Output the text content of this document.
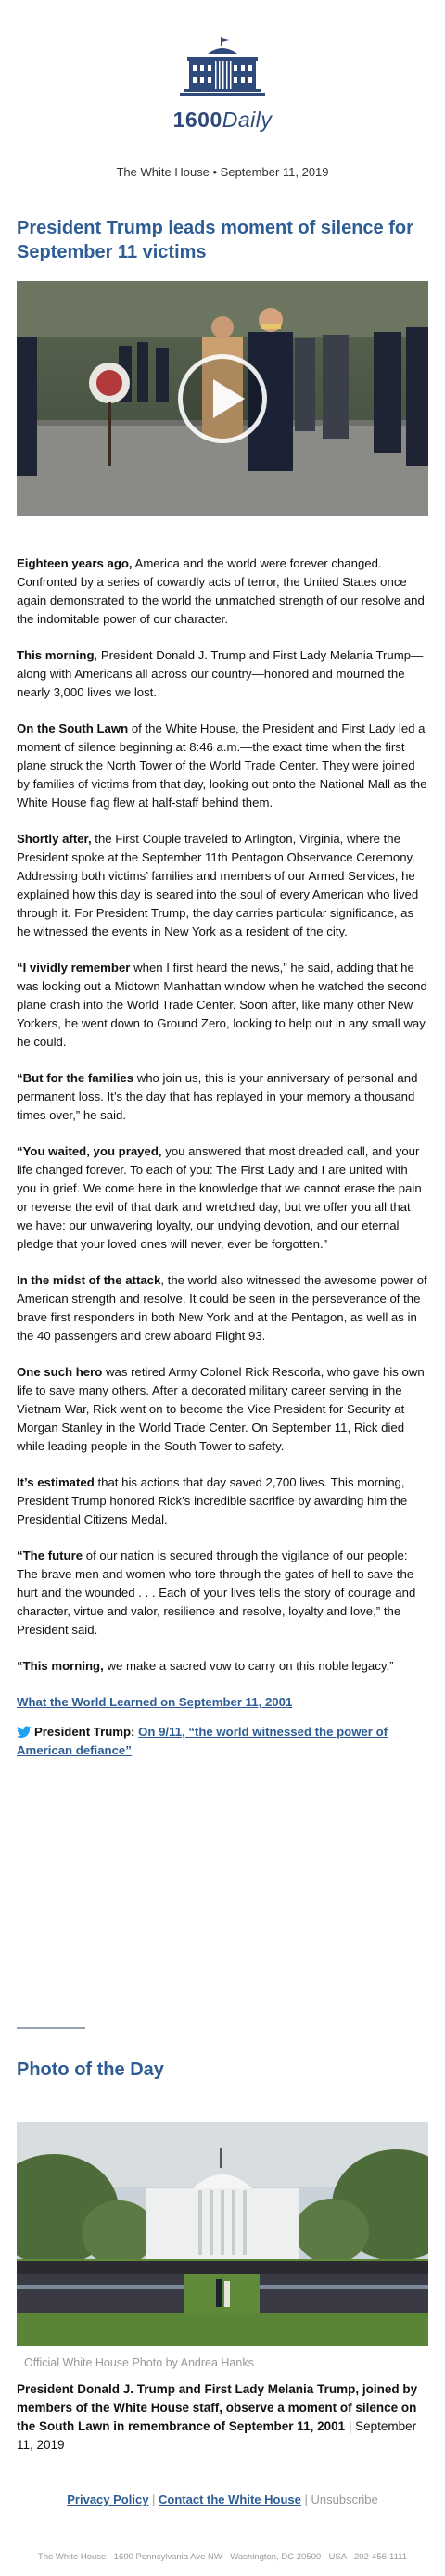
1600Daily
The White House • September 11, 2019
President Trump leads moment of silence for September 11 victims

Eighteen years ago, America and the world were forever changed. Confronted by a series of cowardly acts of terror, the United States once again demonstrated to the world the unmatched strength of our resolve and the indomitable power of our character.

This morning, President Donald J. Trump and First Lady Melania Trump—along with Americans all across our country—honored and mourned the nearly 3,000 lives we lost.

On the South Lawn of the White House, the President and First Lady led a moment of silence beginning at 8:46 a.m.—the exact time when the first plane struck the North Tower of the World Trade Center. They were joined by families of victims from that day, looking out onto the National Mall as the White House flag flew at half-staff behind them.

Shortly after, the First Couple traveled to Arlington, Virginia, where the President spoke at the September 11th Pentagon Observance Ceremony. Addressing both victims’ families and members of our Armed Services, he explained how this day is seared into the soul of every American who lived through it. For President Trump, the day carries particular significance, as he witnessed the events in New York as a resident of the city.

“I vividly remember when I first heard the news,” he said, adding that he was looking out a Midtown Manhattan window when he watched the second plane crash into the World Trade Center. Soon after, like many other New Yorkers, he went down to Ground Zero, looking to help out in any small way he could.

“But for the families who join us, this is your anniversary of personal and permanent loss. It’s the day that has replayed in your memory a thousand times over,” he said.

“You waited, you prayed, you answered that most dreaded call, and your life changed forever. To each of you: The First Lady and I are united with you in grief. We come here in the knowledge that we cannot erase the pain or reverse the evil of that dark and wretched day, but we offer you all that we have: our unwavering loyalty, our undying devotion, and our eternal pledge that your loved ones will never, ever be forgotten.”

In the midst of the attack, the world also witnessed the awesome power of American strength and resolve. It could be seen in the perseverance of the brave first responders in both New York and at the Pentagon, as well as in the 40 passengers and crew aboard Flight 93.

One such hero was retired Army Colonel Rick Rescorla, who gave his own life to save many others. After a decorated military career serving in the Vietnam War, Rick went on to become the Vice President for Security at Morgan Stanley in the World Trade Center. On September 11, Rick died while leading people in the South Tower to safety.

It’s estimated that his actions that day saved 2,700 lives. This morning, President Trump honored Rick’s incredible sacrifice by awarding him the Presidential Citizens Medal.

“The future of our nation is secured through the vigilance of our people: The brave men and women who tore through the gates of hell to save the hurt and the wounded . . . Each of your lives tells the story of courage and character, virtue and valor, resilience and resolve, loyalty and love,” the President said.

“This morning, we make a sacred vow to carry on this noble legacy.”

What the World Learned on September 11, 2001
President Trump: On 9/11, “the world witnessed the power of American defiance”
Photo of the Day
Official White House Photo by Andrea Hanks
President Donald J. Trump and First Lady Melania Trump, joined by members of the White House staff, observe a moment of silence on the South Lawn in remembrance of September 11, 2001 | September 11, 2019
Privacy Policy | Contact the White House | Unsubscribe
The White House · 1600 Pennsylvania Ave NW · Washington, DC 20500 · USA · 202-456-1111
